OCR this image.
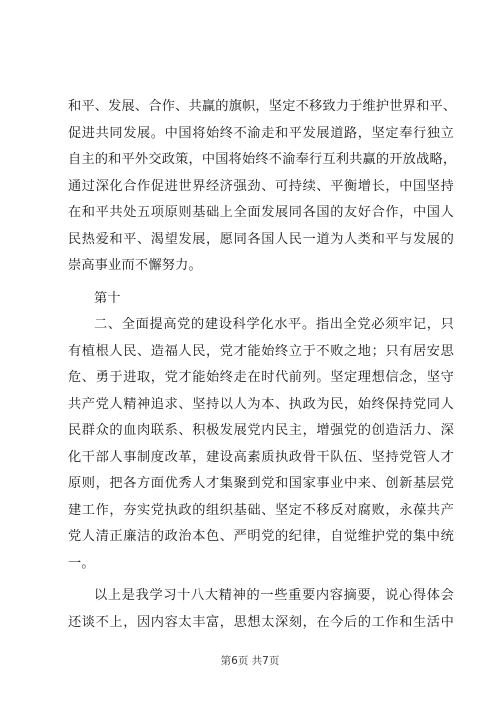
和平、发展、合作、共赢的旗帜，坚定不移致力于维护世界和平、
促进共同发展。中国将始终不渝走和平发展道路，坚定奉行独立
自主的和平外交政策，中国将始终不渝奉行互利共赢的开放战略，
通过深化合作促进世界经济强劲、可持续、平衡增长，中国坚持
在和平共处五项原则基础上全面发展同各国的友好合作，中国人
民热爱和平、渴望发展，愿同各国人民一道为人类和平与发展的
崇高事业而不懈努力。
第十
二、全面提高党的建设科学化水平。指出全党必须牢记，只
有植根人民、造福人民，党才能始终立于不败之地；只有居安思
危、勇于进取，党才能始终走在时代前列。坚定理想信念，坚守
共产党人精神追求、坚持以人为本、执政为民，始终保持党同人
民群众的血肉联系、积极发展党内民主，增强党的创造活力、深
化干部人事制度改革，建设高素质执政骨干队伍、坚持党管人才
原则，把各方面优秀人才集聚到党和国家事业中来、创新基层党
建工作，夯实党执政的组织基础、坚定不移反对腐败，永葆共产
党人清正廉洁的政治本色、严明党的纪律，自觉维护党的集中统
一。
以上是我学习十八大精神的一些重要内容摘要，说心得体会
还谈不上，因内容太丰富，思想太深刻，在今后的工作和生活中
第6页 共7页
